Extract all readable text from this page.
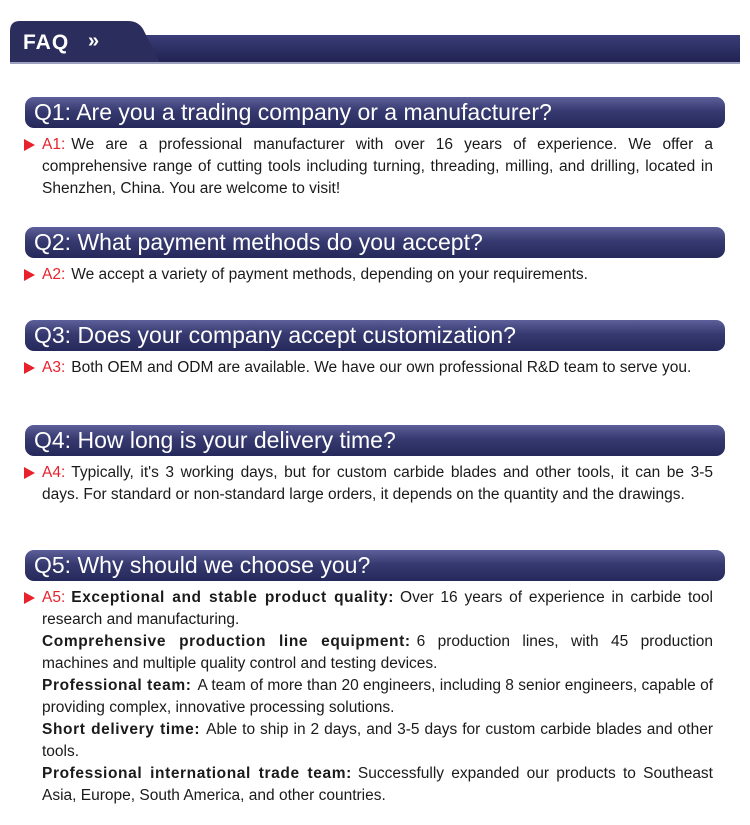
FAQ »
Q1: Are you a trading company or a manufacturer?
A1: We are a professional manufacturer with over 16 years of experience. We offer a comprehensive range of cutting tools including turning, threading, milling, and drilling, located in Shenzhen, China. You are welcome to visit!
Q2: What payment methods do you accept?
A2: We accept a variety of payment methods, depending on your requirements.
Q3: Does your company accept customization?
A3: Both OEM and ODM are available. We have our own professional R&D team to serve you.
Q4: How long is your delivery time?
A4: Typically, it's 3 working days, but for custom carbide blades and other tools, it can be 3-5 days. For standard or non-standard large orders, it depends on the quantity and the drawings.
Q5: Why should we choose you?
A5: Exceptional and stable product quality: Over 16 years of experience in carbide tool research and manufacturing.
Comprehensive production line equipment: 6 production lines, with 45 production machines and multiple quality control and testing devices.
Professional team: A team of more than 20 engineers, including 8 senior engineers, capable of providing complex, innovative processing solutions.
Short delivery time: Able to ship in 2 days, and 3-5 days for custom carbide blades and other tools.
Professional international trade team: Successfully expanded our products to Southeast Asia, Europe, South America, and other countries.
